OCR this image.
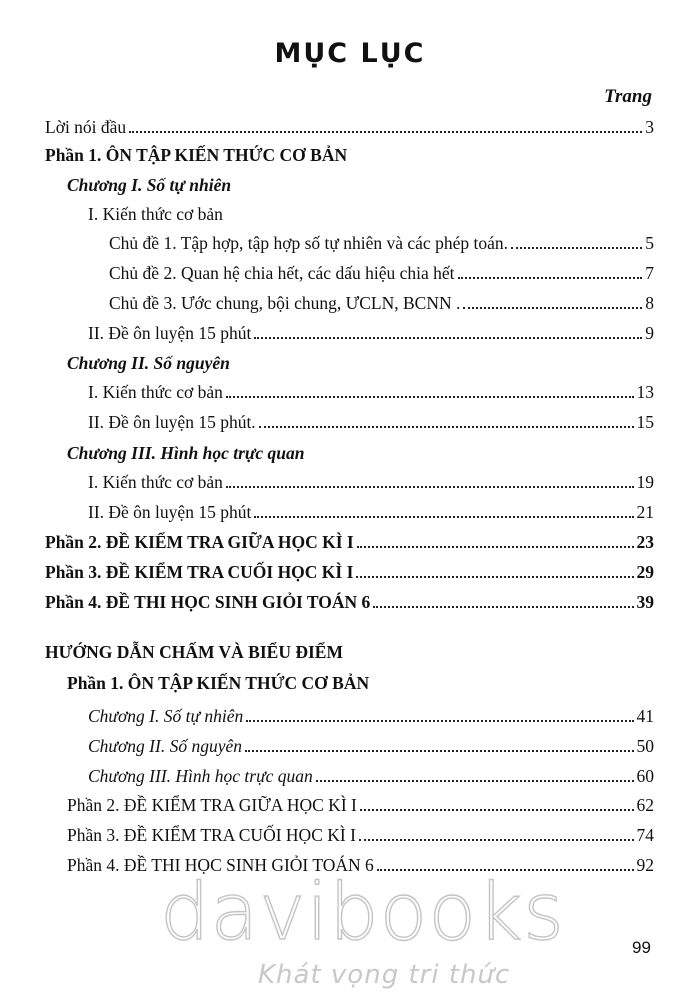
MỤC LỤC
Trang
Lời nói đầu	3
Phần 1. ÔN TẬP KIẾN THỨC CƠ BẢN
Chương I. Số tự nhiên
I. Kiến thức cơ bản
Chủ đề 1. Tập hợp, tập hợp số tự nhiên và các phép toán.	5
Chủ đề 2. Quan hệ chia hết, các dấu hiệu chia hết	7
Chủ đề 3. Ước chung, bội chung, ƯCLN, BCNN .	8
II. Đề ôn luyện 15 phút	9
Chương II. Số nguyên
I. Kiến thức cơ bản	13
II. Đề ôn luyện 15 phút.	15
Chương III. Hình học trực quan
I. Kiến thức cơ bản	19
II. Đề ôn luyện 15 phút	21
Phần 2. ĐỀ KIỂM TRA GIỮA HỌC KÌ I	23
Phần 3. ĐỀ KIỂM TRA CUỐI HỌC KÌ I	29
Phần 4. ĐỀ THI HỌC SINH GIỎI TOÁN 6	39
HƯỚNG DẪN CHẤM VÀ BIỂU ĐIỂM
Phần 1. ÔN TẬP KIẾN THỨC CƠ BẢN
Chương I. Số tự nhiên	41
Chương II. Số nguyên	50
Chương III. Hình học trực quan	60
Phần 2. ĐỀ KIỂM TRA GIỮA HỌC KÌ I	62
Phần 3. ĐỀ KIỂM TRA CUỐI HỌC KÌ I	74
Phần 4. ĐỀ THI HỌC SINH GIỎI TOÁN 6	92
davibooks
Khát vọng tri thức
99
